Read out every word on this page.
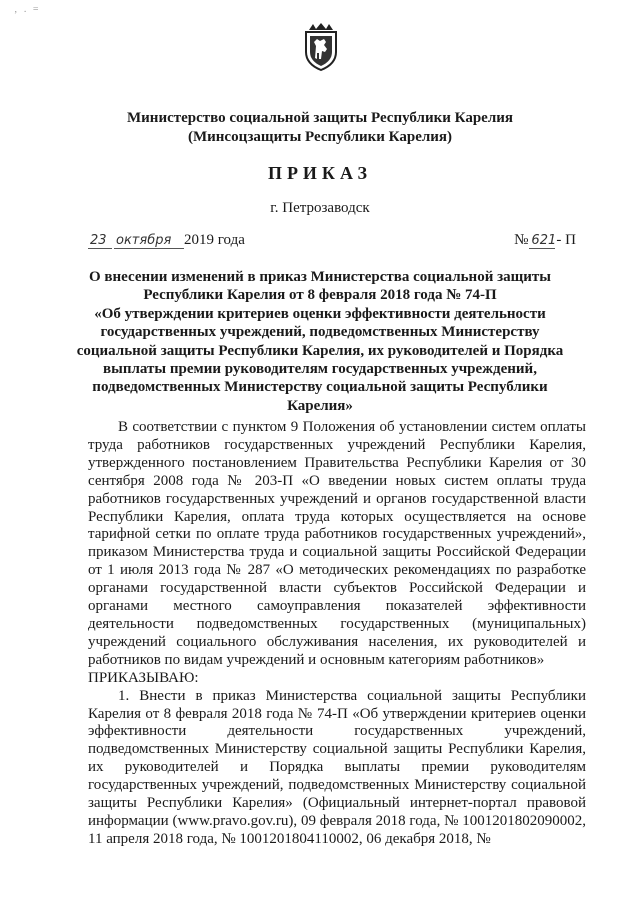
‚ . =
Министерство социальной защиты Республики Карелия
(Минсоцзащиты Республики Карелия)
ПРИКАЗ
г. Петрозаводск
23 октября 2019 года	№ 621- П
О внесении изменений в приказ Министерства социальной защиты
Республики Карелия от 8 февраля 2018 года № 74-П
«Об утверждении критериев оценки эффективности деятельности
государственных учреждений, подведомственных Министерству
социальной защиты Республики Карелия, их руководителей и Порядка
выплаты премии руководителям государственных учреждений,
подведомственных Министерству социальной защиты Республики
Карелия»

В соответствии с пунктом 9 Положения об установлении систем оплаты труда работников государственных учреждений Республики Карелия, утвержденного постановлением Правительства Республики Карелия от 30 сентября 2008 года № 203-П «О введении новых систем оплаты труда работников государственных учреждений и органов государственной власти Республики Карелия, оплата труда которых осуществляется на основе тарифной сетки по оплате труда работников государственных учреждений», приказом Министерства труда и социальной защиты Российской Федерации от 1 июля 2013 года № 287 «О методических рекомендациях по разработке органами государственной власти субъектов Российской Федерации и органами местного самоуправления показателей эффективности деятельности подведомственных государственных (муниципальных) учреждений социального обслуживания населения, их руководителей и работников по видам учреждений и основным категориям работников»

ПРИКАЗЫВАЮ:

1. Внести в приказ Министерства социальной защиты Республики Карелия от 8 февраля 2018 года № 74-П «Об утверждении критериев оценки эффективности деятельности государственных учреждений, подведомственных Министерству социальной защиты Республики Карелия, их руководителей и Порядка выплаты премии руководителям государственных учреждений, подведомственных Министерству социальной защиты Республики Карелия» (Официальный интернет-портал правовой информации (www.pravo.gov.ru), 09 февраля 2018 года, № 1001201802090002, 11 апреля 2018 года, № 1001201804110002, 06 декабря 2018, №
